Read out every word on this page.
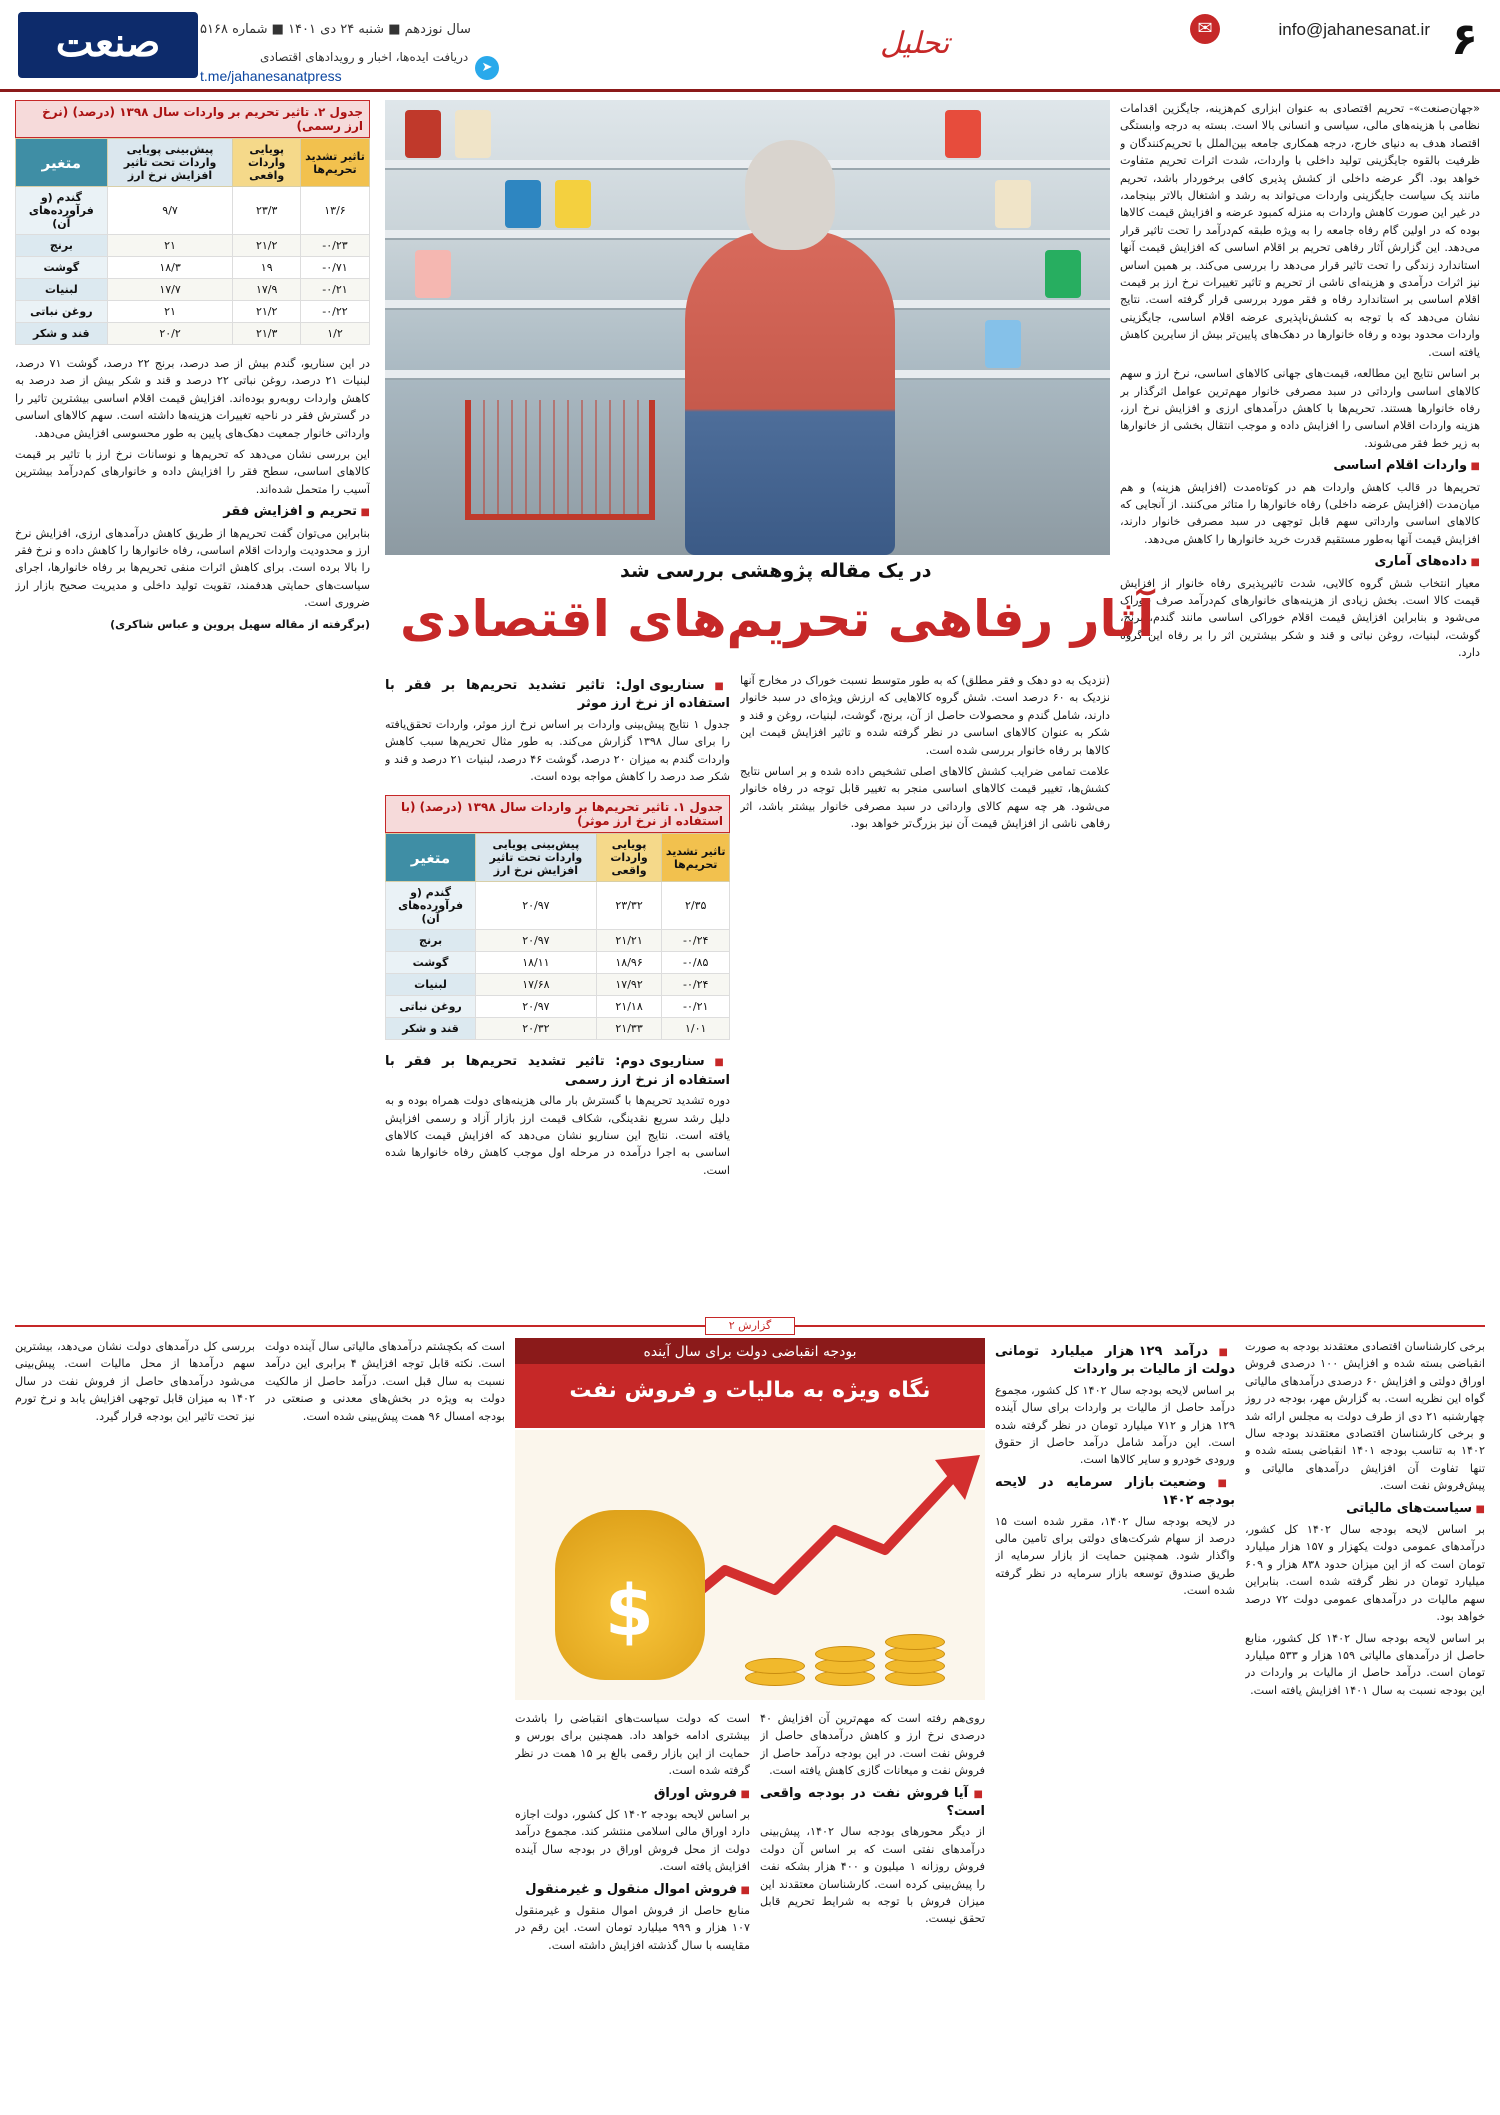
۶
info@jahanesanat.ir
✉
تحلیل
صنعت	سال نوزدهم ■ شنبه ۲۴ دی ۱۴۰۱ ■ شماره ۵۱۶۸
دریافت ایده‌ها، اخبار و رویدادهای اقتصادی
t.me/jahanesanatpress
➤

«جهان‌صنعت»- تحریم اقتصادی به عنوان ابزاری کم‌هزینه، جایگزین اقدامات نظامی با هزینه‌های مالی، سیاسی و انسانی بالا است. بسته به درجه وابستگی اقتصاد هدف به دنیای خارج، درجه همکاری جامعه بین‌الملل با تحریم‌کنندگان و ظرفیت بالقوه جایگزینی تولید داخلی با واردات، شدت اثرات تحریم متفاوت خواهد بود. اگر عرضه داخلی از کشش پذیری کافی برخوردار باشد، تحریم مانند یک سیاست جایگزینی واردات می‌تواند به رشد و اشتغال بالاتر بینجامد، در غیر این صورت کاهش واردات به منزله کمبود عرضه و افزایش قیمت کالاها بوده که در اولین گام رفاه جامعه را به ویژه طبقه کم‌درآمد را تحت تاثیر قرار می‌دهد. این گزارش آثار رفاهی تحریم بر اقلام اساسی که افزایش قیمت آنها استاندارد زندگی را تحت تاثیر قرار می‌دهد را بررسی می‌کند. بر همین اساس نیز اثرات درآمدی و هزینه‌ای ناشی از تحریم و تاثیر تغییرات نرخ ارز بر قیمت اقلام اساسی بر استاندارد رفاه و فقر مورد بررسی قرار گرفته است. نتایج نشان می‌دهد که با توجه به کشش‌ناپذیری عرضه اقلام اساسی، جایگزینی واردات محدود بوده و رفاه خانوارها در دهک‌های پایین‌تر بیش از سایرین کاهش یافته است.

بر اساس نتایج این مطالعه، قیمت‌های جهانی کالاهای اساسی، نرخ ارز و سهم کالاهای اساسی وارداتی در سبد مصرفی خانوار مهم‌ترین عوامل اثرگذار بر رفاه خانوارها هستند. تحریم‌ها با کاهش درآمدهای ارزی و افزایش نرخ ارز، هزینه واردات اقلام اساسی را افزایش داده و موجب انتقال بخشی از خانوارها به زیر خط فقر می‌شوند.

■ واردات اقلام اساسی

تحریم‌ها در قالب کاهش واردات هم در کوتاه‌مدت (افزایش هزینه) و هم میان‌مدت (افزایش عرضه داخلی) رفاه خانوارها را متاثر می‌کنند. از آنجایی که کالاهای اساسی وارداتی سهم قابل توجهی در سبد مصرفی خانوار دارند، افزایش قیمت آنها به‌طور مستقیم قدرت خرید خانوارها را کاهش می‌دهد.

■ داده‌های آماری

معیار انتخاب شش گروه کالایی، شدت تاثیرپذیری رفاه خانوار از افزایش قیمت کالا است. بخش زیادی از هزینه‌های خانوارهای کم‌درآمد صرف خوراک می‌شود و بنابراین افزایش قیمت اقلام خوراکی اساسی مانند گندم، برنج، گوشت، لبنیات، روغن نباتی و قند و شکر بیشترین اثر را بر رفاه این گروه دارد.

در یک مقاله پژوهشی بررسی شد
آثار رفاهی تحریم‌های اقتصادی

(نزدیک به دو دهک و فقر مطلق) که به طور متوسط نسبت خوراک در مخارج آنها نزدیک به ۶۰ درصد است. شش گروه کالاهایی که ارزش ویژه‌ای در سبد خانوار دارند، شامل گندم و محصولات حاصل از آن، برنج، گوشت، لبنیات، روغن و قند و شکر به عنوان کالاهای اساسی در نظر گرفته شده و تاثیر افزایش قیمت این کالاها بر رفاه خانوار بررسی شده است.

علامت تمامی ضرایب کشش کالاهای اصلی تشخیص داده شده و بر اساس نتایج کشش‌ها، تغییر قیمت کالاهای اساسی منجر به تغییر قابل توجه در رفاه خانوار می‌شود. هر چه سهم کالای وارداتی در سبد مصرفی خانوار بیشتر باشد، اثر رفاهی ناشی از افزایش قیمت آن نیز بزرگ‌تر خواهد بود.

■ سناریوی اول: تاثیر تشدید تحریم‌ها بر فقر با استفاده از نرخ ارز موثر

جدول ۱ نتایج پیش‌بینی واردات بر اساس نرخ ارز موثر، واردات تحقق‌یافته را برای سال ۱۳۹۸ گزارش می‌کند. به طور مثال تحریم‌ها سبب کاهش واردات گندم به میزان ۲۰ درصد، گوشت ۴۶ درصد، لبنیات ۲۱ درصد و قند و شکر صد درصد را کاهش مواجه بوده است.

جدول ۱. تاثیر تحریم‌ها بر واردات سال ۱۳۹۸ (درصد) (با استفاده از نرخ ارز موثر)
تاثیر تشدید تحریم‌ها	پویایی واردات واقعی	پیش‌بینی پویایی واردات تحت تاثیر افزایش نرخ ارز	متغیر
۲/۳۵	۲۳/۳۲	۲۰/۹۷	گندم (و فرآورده‌های آن)
۰/۲۴-	۲۱/۲۱	۲۰/۹۷	برنج
۰/۸۵-	۱۸/۹۶	۱۸/۱۱	گوشت
۰/۲۴-	۱۷/۹۲	۱۷/۶۸	لبنیات
۰/۲۱-	۲۱/۱۸	۲۰/۹۷	روغن نباتی
۱/۰۱	۲۱/۳۳	۲۰/۳۲	قند و شکر
■ سناریوی دوم: تاثیر تشدید تحریم‌ها بر فقر با استفاده از نرخ ارز رسمی

دوره تشدید تحریم‌ها با گسترش بار مالی هزینه‌های دولت همراه بوده و به دلیل رشد سریع نقدینگی، شکاف قیمت ارز بازار آزاد و رسمی افزایش یافته است. نتایج این سناریو نشان می‌دهد که افزایش قیمت کالاهای اساسی به اجرا درآمده در مرحله اول موجب کاهش رفاه خانوارها شده است.

جدول ۲. تاثیر تحریم بر واردات سال ۱۳۹۸ (درصد) (نرخ ارز رسمی)
تاثیر تشدید تحریم‌ها	پویایی واردات واقعی	پیش‌بینی پویایی واردات تحت تاثیر افزایش نرخ ارز	متغیر
۱۳/۶	۲۳/۳	۹/۷	گندم (و فرآورده‌های آن)
۰/۲۳-	۲۱/۲	۲۱	برنج
۰/۷۱-	۱۹	۱۸/۳	گوشت
۰/۲۱-	۱۷/۹	۱۷/۷	لبنیات
۰/۲۲-	۲۱/۲	۲۱	روغن نباتی
۱/۲	۲۱/۳	۲۰/۲	قند و شکر

در این سناریو، گندم بیش از صد درصد، برنج ۲۲ درصد، گوشت ۷۱ درصد، لبنیات ۲۱ درصد، روغن نباتی ۲۲ درصد و قند و شکر بیش از صد درصد به کاهش واردات روبه‌رو بوده‌اند. افزایش قیمت اقلام اساسی بیشترین تاثیر را در گسترش فقر در ناحیه تغییرات هزینه‌ها داشته است. سهم کالاهای اساسی وارداتی خانوار جمعیت دهک‌های پایین به طور محسوسی افزایش می‌دهد.

این بررسی نشان می‌دهد که تحریم‌ها و نوسانات نرخ ارز با تاثیر بر قیمت کالاهای اساسی، سطح فقر را افزایش داده و خانوارهای کم‌درآمد بیشترین آسیب را متحمل شده‌اند.

■ تحریم و افزایش فقر

بنابراین می‌توان گفت تحریم‌ها از طریق کاهش درآمدهای ارزی، افزایش نرخ ارز و محدودیت واردات اقلام اساسی، رفاه خانوارها را کاهش داده و نرخ فقر را بالا برده است. برای کاهش اثرات منفی تحریم‌ها بر رفاه خانوارها، اجرای سیاست‌های حمایتی هدفمند، تقویت تولید داخلی و مدیریت صحیح بازار ارز ضروری است.

(برگرفته از مقاله سهیل پروین و عباس شاکری)

گزارش ۲
بودجه انقباضی دولت برای سال آینده
نگاه ویژه به مالیات و فروش نفت
$

برخی کارشناسان اقتصادی معتقدند بودجه به صورت انقباضی بسته شده و افزایش ۱۰۰ درصدی فروش اوراق دولتی و افزایش ۶۰ درصدی درآمدهای مالیاتی گواه این نظریه است. به گزارش مهر، بودجه در روز چهارشنبه ۲۱ دی از طرف دولت به مجلس ارائه شد و برخی کارشناسان اقتصادی معتقدند بودجه سال ۱۴۰۲ به تناسب بودجه ۱۴۰۱ انقباضی بسته شده و تنها تفاوت آن افزایش درآمدهای مالیاتی و پیش‌فروش نفت است.

■ سیاست‌های مالیاتی

بر اساس لایحه بودجه سال ۱۴۰۲ کل کشور، درآمدهای عمومی دولت یکهزار و ۱۵۷ هزار میلیارد تومان است که از این میزان حدود ۸۳۸ هزار و ۶۰۹ میلیارد تومان در نظر گرفته شده است. بنابراین سهم مالیات در درآمدهای عمومی دولت ۷۲ درصد خواهد بود.

بر اساس لایحه بودجه سال ۱۴۰۲ کل کشور، منابع حاصل از درآمدهای مالیاتی ۱۵۹ هزار و ۵۳۳ میلیارد تومان است. درآمد حاصل از مالیات بر واردات در این بودجه نسبت به سال ۱۴۰۱ افزایش یافته است.

■ درآمد ۱۲۹ هزار میلیارد تومانی دولت از مالیات بر واردات

بر اساس لایحه بودجه سال ۱۴۰۲ کل کشور، مجموع درآمد حاصل از مالیات بر واردات برای سال آینده ۱۲۹ هزار و ۷۱۲ میلیارد تومان در نظر گرفته شده است. این درآمد شامل درآمد حاصل از حقوق ورودی خودرو و سایر کالاها است.

■ وضعیت بازار سرمایه در لایحه بودجه ۱۴۰۲

در لایحه بودجه سال ۱۴۰۲، مقرر شده است ۱۵ درصد از سهام شرکت‌های دولتی برای تامین مالی واگذار شود. همچنین حمایت از بازار سرمایه از طریق صندوق توسعه بازار سرمایه در نظر گرفته شده است.

روی‌هم رفته است که مهم‌ترین آن افزایش ۴۰ درصدی نرخ ارز و کاهش درآمدهای حاصل از فروش نفت است. در این بودجه درآمد حاصل از فروش نفت و میعانات گازی کاهش یافته است.

■ آیا فروش نفت در بودجه واقعی است؟

از دیگر محورهای بودجه سال ۱۴۰۲، پیش‌بینی درآمدهای نفتی است که بر اساس آن دولت فروش روزانه ۱ میلیون و ۴۰۰ هزار بشکه نفت را پیش‌بینی کرده است. کارشناسان معتقدند این میزان فروش با توجه به شرایط تحریم قابل تحقق نیست.

است که دولت سیاست‌های انقباضی را باشدت بیشتری ادامه خواهد داد. همچنین برای بورس و حمایت از این بازار رقمی بالغ بر ۱۵ همت در نظر گرفته شده است.

■ فروش اوراق

بر اساس لایحه بودجه ۱۴۰۲ کل کشور، دولت اجازه دارد اوراق مالی اسلامی منتشر کند. مجموع درآمد دولت از محل فروش اوراق در بودجه سال آینده افزایش یافته است.

■ فروش اموال منقول و غیرمنقول

منابع حاصل از فروش اموال منقول و غیرمنقول ۱۰۷ هزار و ۹۹۹ میلیارد تومان است. این رقم در مقایسه با سال گذشته افزایش داشته است.

است که بکچشتم درآمدهای مالیاتی سال آینده دولت است. نکته قابل توجه افزایش ۴ برابری این درآمد نسبت به سال قبل است. درآمد حاصل از مالکیت دولت به ویژه در بخش‌های معدنی و صنعتی در بودجه امسال ۹۶ همت پیش‌بینی شده است.

بررسی کل درآمدهای دولت نشان می‌دهد، بیشترین سهم درآمدها از محل مالیات است. پیش‌بینی می‌شود درآمدهای حاصل از فروش نفت در سال ۱۴۰۲ به میزان قابل توجهی افزایش یابد و نرخ تورم نیز تحت تاثیر این بودجه قرار گیرد.
